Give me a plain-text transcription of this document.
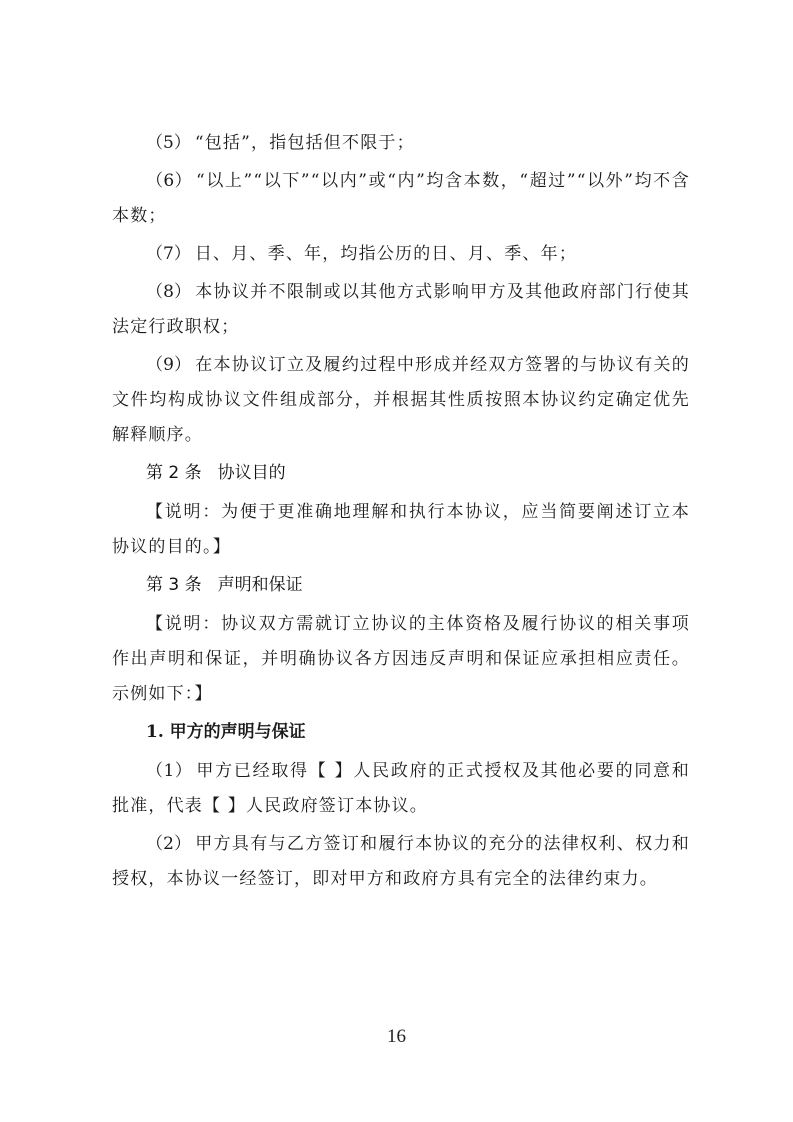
（5） “包括”，指包括但不限于；

（6） “以上”“以下”“以内”或“内”均含本数，“超过”“以外”均不含本数；

（7） 日、月、季、年，均指公历的日、月、季、年；

（8） 本协议并不限制或以其他方式影响甲方及其他政府部门行使其法定行政职权；

（9） 在本协议订立及履约过程中形成并经双方签署的与协议有关的文件均构成协议文件组成部分，并根据其性质按照本协议约定确定优先解释顺序。

第 2 条 协议目的

【说明：为便于更准确地理解和执行本协议，应当简要阐述订立本协议的目的。】

第 3 条 声明和保证

【说明：协议双方需就订立协议的主体资格及履行协议的相关事项作出声明和保证，并明确协议各方因违反声明和保证应承担相应责任。示例如下：】

1. 甲方的声明与保证

（1） 甲方已经取得【 】人民政府的正式授权及其他必要的同意和批准，代表【 】人民政府签订本协议。

（2） 甲方具有与乙方签订和履行本协议的充分的法律权利、权力和授权，本协议一经签订，即对甲方和政府方具有完全的法律约束力。

16
